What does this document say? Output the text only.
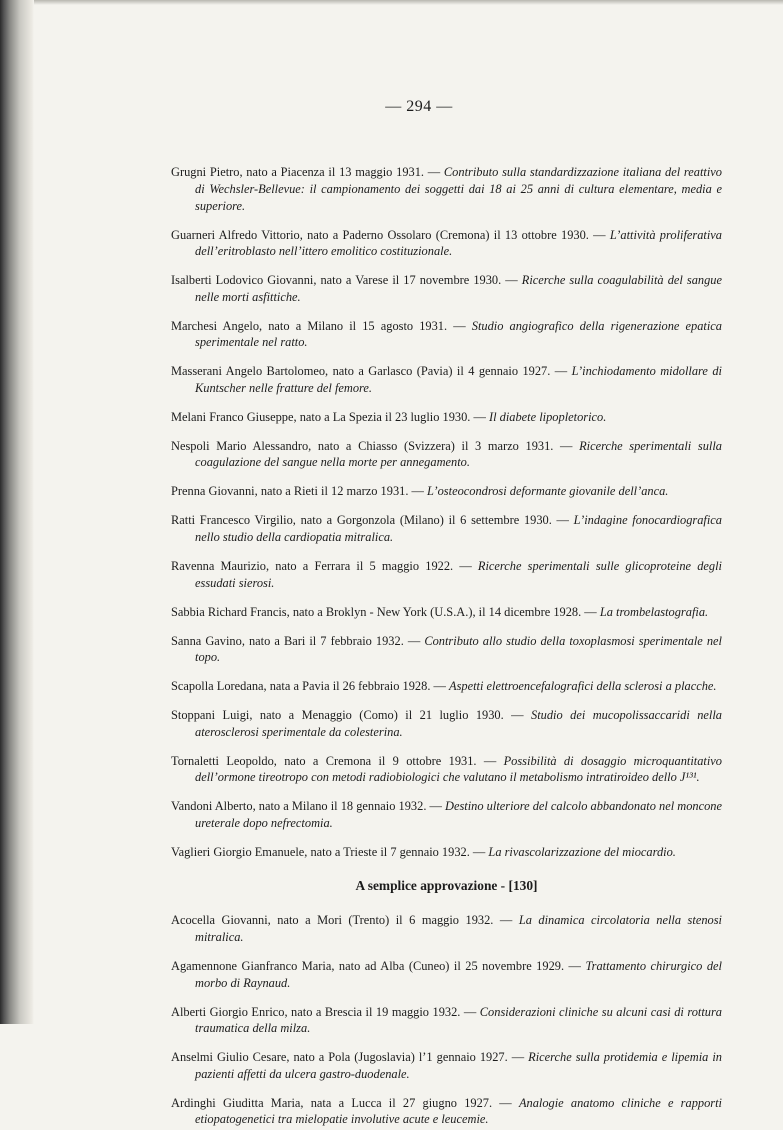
— 294 —

Grugni Pietro, nato a Piacenza il 13 maggio 1931. — Contributo sulla standardizzazione italiana del reattivo di Wechsler-Bellevue: il campionamento dei soggetti dai 18 ai 25 anni di cultura elementare, media e superiore.

Guarneri Alfredo Vittorio, nato a Paderno Ossolaro (Cremona) il 13 ottobre 1930. — L’attività proliferativa dell’eritroblasto nell’ittero emolitico costituzionale.

Isalberti Lodovico Giovanni, nato a Varese il 17 novembre 1930. — Ricerche sulla coagulabilità del sangue nelle morti asfittiche.

Marchesi Angelo, nato a Milano il 15 agosto 1931. — Studio angiografico della rigenerazione epatica sperimentale nel ratto.

Masserani Angelo Bartolomeo, nato a Garlasco (Pavia) il 4 gennaio 1927. — L’inchiodamento midollare di Kuntscher nelle fratture del femore.

Melani Franco Giuseppe, nato a La Spezia il 23 luglio 1930. — Il diabete lipopletorico.

Nespoli Mario Alessandro, nato a Chiasso (Svizzera) il 3 marzo 1931. — Ricerche sperimentali sulla coagulazione del sangue nella morte per annegamento.

Prenna Giovanni, nato a Rieti il 12 marzo 1931. — L’osteocondrosi deformante giovanile dell’anca.

Ratti Francesco Virgilio, nato a Gorgonzola (Milano) il 6 settembre 1930. — L’indagine fonocardiografica nello studio della cardiopatia mitralica.

Ravenna Maurizio, nato a Ferrara il 5 maggio 1922. — Ricerche sperimentali sulle glicoproteine degli essudati sierosi.

Sabbia Richard Francis, nato a Broklyn - New York (U.S.A.), il 14 dicembre 1928. — La trombelastografia.

Sanna Gavino, nato a Bari il 7 febbraio 1932. — Contributo allo studio della toxoplasmosi sperimentale nel topo.

Scapolla Loredana, nata a Pavia il 26 febbraio 1928. — Aspetti elettroencefalografici della sclerosi a placche.

Stoppani Luigi, nato a Menaggio (Como) il 21 luglio 1930. — Studio dei mucopolissaccaridi nella aterosclerosi sperimentale da colesterina.

Tornaletti Leopoldo, nato a Cremona il 9 ottobre 1931. — Possibilità di dosaggio microquantitativo dell’ormone tireotropo con metodi radiobiologici che valutano il metabolismo intratiroideo dello J¹³¹.

Vandoni Alberto, nato a Milano il 18 gennaio 1932. — Destino ulteriore del calcolo abbandonato nel moncone ureterale dopo nefrectomia.

Vaglieri Giorgio Emanuele, nato a Trieste il 7 gennaio 1932. — La rivascolarizzazione del miocardio.

A semplice approvazione - [130]

Acocella Giovanni, nato a Mori (Trento) il 6 maggio 1932. — La dinamica circolatoria nella stenosi mitralica.

Agamennone Gianfranco Maria, nato ad Alba (Cuneo) il 25 novembre 1929. — Trattamento chirurgico del morbo di Raynaud.

Alberti Giorgio Enrico, nato a Brescia il 19 maggio 1932. — Considerazioni cliniche su alcuni casi di rottura traumatica della milza.

Anselmi Giulio Cesare, nato a Pola (Jugoslavia) l’1 gennaio 1927. — Ricerche sulla protidemia e lipemia in pazienti affetti da ulcera gastro-duodenale.

Ardinghi Giuditta Maria, nata a Lucca il 27 giugno 1927. — Analogie anatomo cliniche e rapporti etiopatogenetici tra mielopatie involutive acute e leucemie.
